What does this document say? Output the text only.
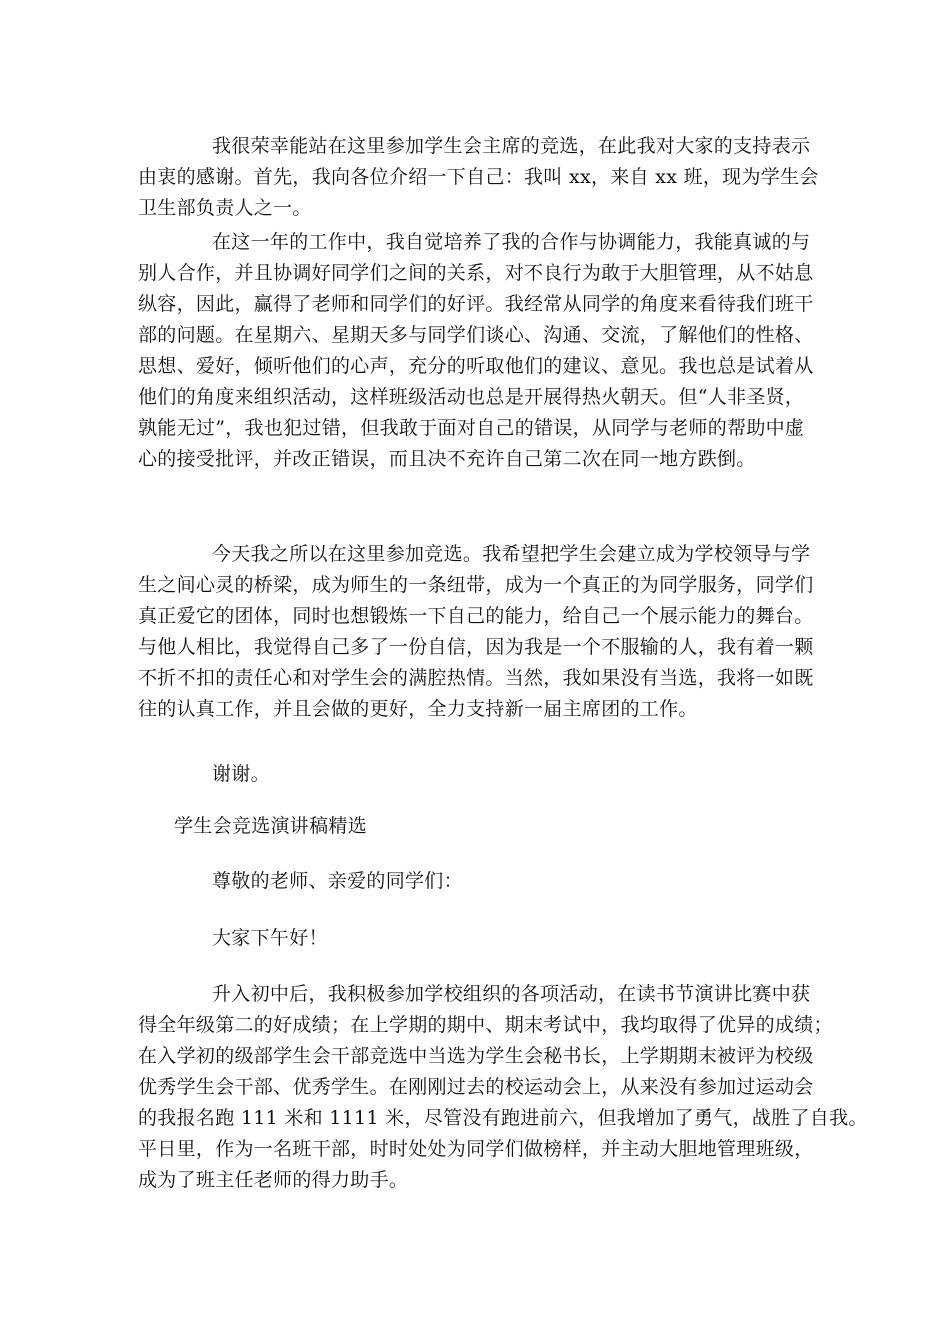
我很荣幸能站在这里参加学生会主席的竞选，在此我对大家的支持表示
由衷的感谢。首先，我向各位介绍一下自己：我叫 xx，来自 xx 班，现为学生会
卫生部负责人之一。
在这一年的工作中，我自觉培养了我的合作与协调能力，我能真诚的与
别人合作，并且协调好同学们之间的关系，对不良行为敢于大胆管理，从不姑息
纵容，因此，赢得了老师和同学们的好评。我经常从同学的角度来看待我们班干
部的问题。在星期六、星期天多与同学们谈心、沟通、交流，了解他们的性格、
思想、爱好，倾听他们的心声，充分的听取他们的建议、意见。我也总是试着从
他们的角度来组织活动，这样班级活动也总是开展得热火朝天。但“人非圣贤，
孰能无过”，我也犯过错，但我敢于面对自己的错误，从同学与老师的帮助中虚
心的接受批评，并改正错误，而且决不充许自己第二次在同一地方跌倒。
今天我之所以在这里参加竞选。我希望把学生会建立成为学校领导与学
生之间心灵的桥梁，成为师生的一条纽带，成为一个真正的为同学服务，同学们
真正爱它的团体，同时也想锻炼一下自己的能力，给自己一个展示能力的舞台。
与他人相比，我觉得自己多了一份自信，因为我是一个不服输的人，我有着一颗
不折不扣的责任心和对学生会的满腔热情。当然，我如果没有当选，我将一如既
往的认真工作，并且会做的更好，全力支持新一届主席团的工作。
谢谢。
学生会竞选演讲稿精选
尊敬的老师、亲爱的同学们：
大家下午好！
升入初中后，我积极参加学校组织的各项活动，在读书节演讲比赛中获
得全年级第二的好成绩；在上学期的期中、期末考试中，我均取得了优异的成绩；
在入学初的级部学生会干部竞选中当选为学生会秘书长，上学期期末被评为校级
优秀学生会干部、优秀学生。在刚刚过去的校运动会上，从来没有参加过运动会
的我报名跑 111 米和 1111 米，尽管没有跑进前六，但我增加了勇气，战胜了自我。
平日里，作为一名班干部，时时处处为同学们做榜样，并主动大胆地管理班级，
成为了班主任老师的得力助手。
